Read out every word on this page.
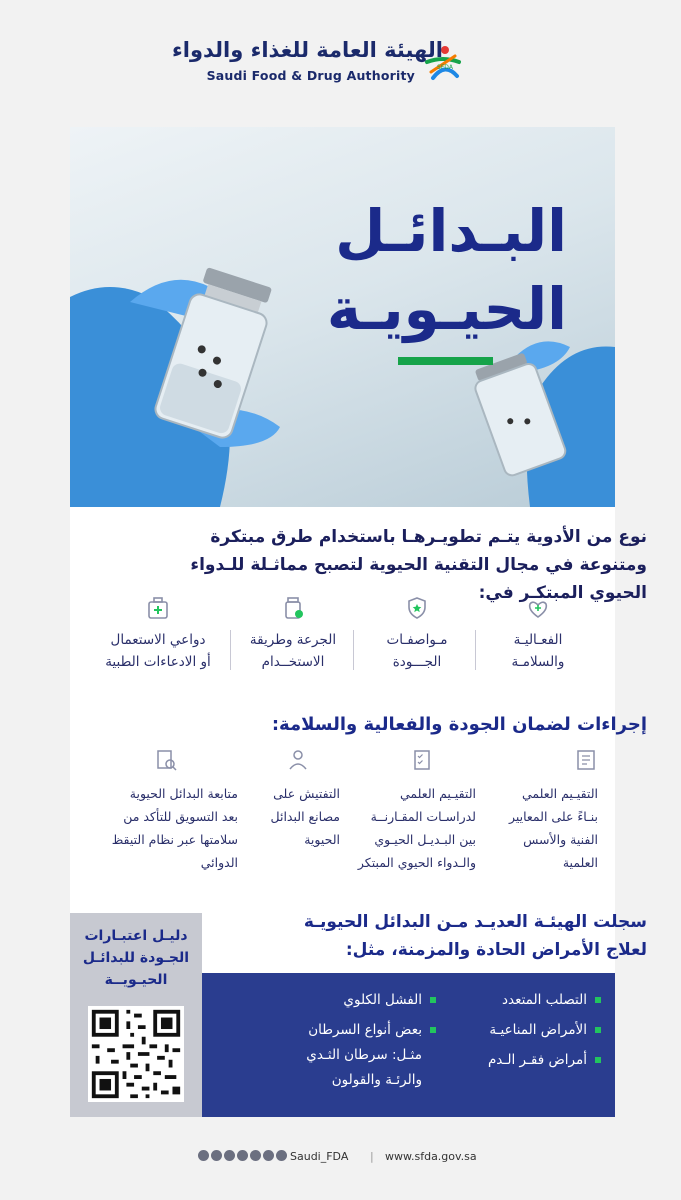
SFDA
الهيئة العامة للغذاء والدواء
Saudi Food & Drug Authority
البـدائـل
الحيـويـة
نوع من الأدوية يتـم تطويـرهـا باستخدام طرق مبتكرة ومتنوعة في مجال التقنية الحيوية لتصبح مماثـلة للـدواء الحيوي المبتكـر في:
الفعـاليـة
والسلامـة
مـواصفـات
الجـــودة
الجرعة وطريقة
الاستخــدام
دواعي الاستعمال
أو الادعاءات الطبية
إجراءات لضمان الجودة والفعالية والسلامة:
التقيـيم العلمي
بنـاءً على المعايير
الفنية والأسس
العلمية
التقيـيم العلمي
لدراسـات المقـارنــة
بين البـديـل الحيـوي
والـدواء الحيوي المبتكر
التفتيش على
مصانع البدائل
الحيوية
متابعة البدائل الحيوية
بعد التسويق للتأكد من
سلامتها عبر نظام التيقظ
الدوائي
سجلت الهيئـة العديـد مـن البدائل الحيويـة لعلاج الأمراض الحادة والمزمنة، مثل:
التصلب المتعدد
الأمراض المناعيـة
أمراض فقـر الـدم
الفشل الكلوي
بعض أنواع السرطان
مثـل: سرطان الثـدي
والرئـة والقولون
دليـل اعتبـارات
الجـودة للبدائـل
الحيـويــة
Saudi_FDA | www.sfda.gov.sa
